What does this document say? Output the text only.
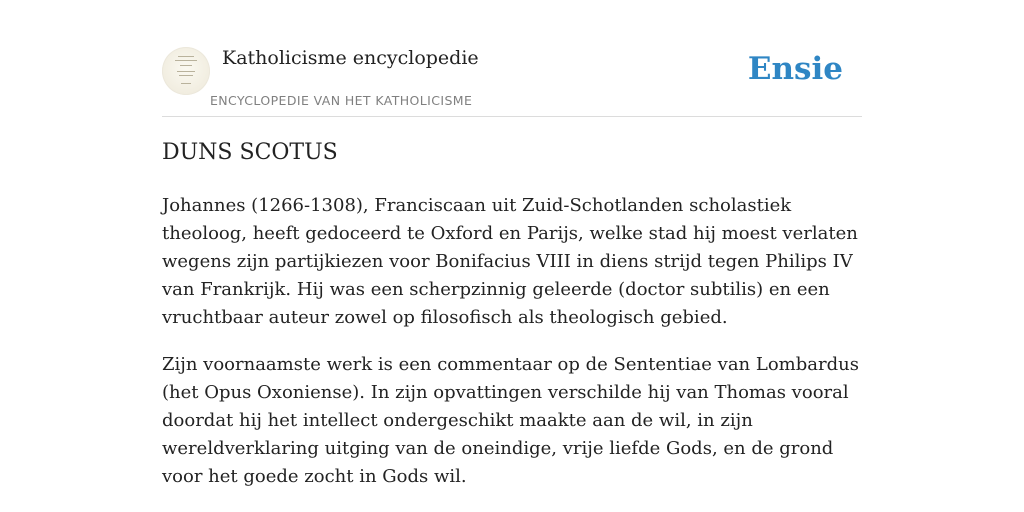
Katholicisme encyclopedie
ENCYCLOPEDIE VAN HET KATHOLICISME
Ensie
DUNS SCOTUS

Johannes (1266-1308), Franciscaan uit Zuid-Schotlanden scholastiek theoloog, heeft gedoceerd te Oxford en Parijs, welke stad hij moest verlaten wegens zijn partijkiezen voor Bonifacius VIII in diens strijd tegen Philips IV van Frankrijk. Hij was een scherpzinnig geleerde (doctor subtilis) en een vruchtbaar auteur zowel op filosofisch als theologisch gebied.

Zijn voornaamste werk is een commentaar op de Sententiae van Lombardus (het Opus Oxoniense). In zijn opvattingen verschilde hij van Thomas vooral doordat hij het intellect ondergeschikt maakte aan de wil, in zijn wereldverklaring uitging van de oneindige, vrije liefde Gods, en de grond voor het goede zocht in Gods wil.
